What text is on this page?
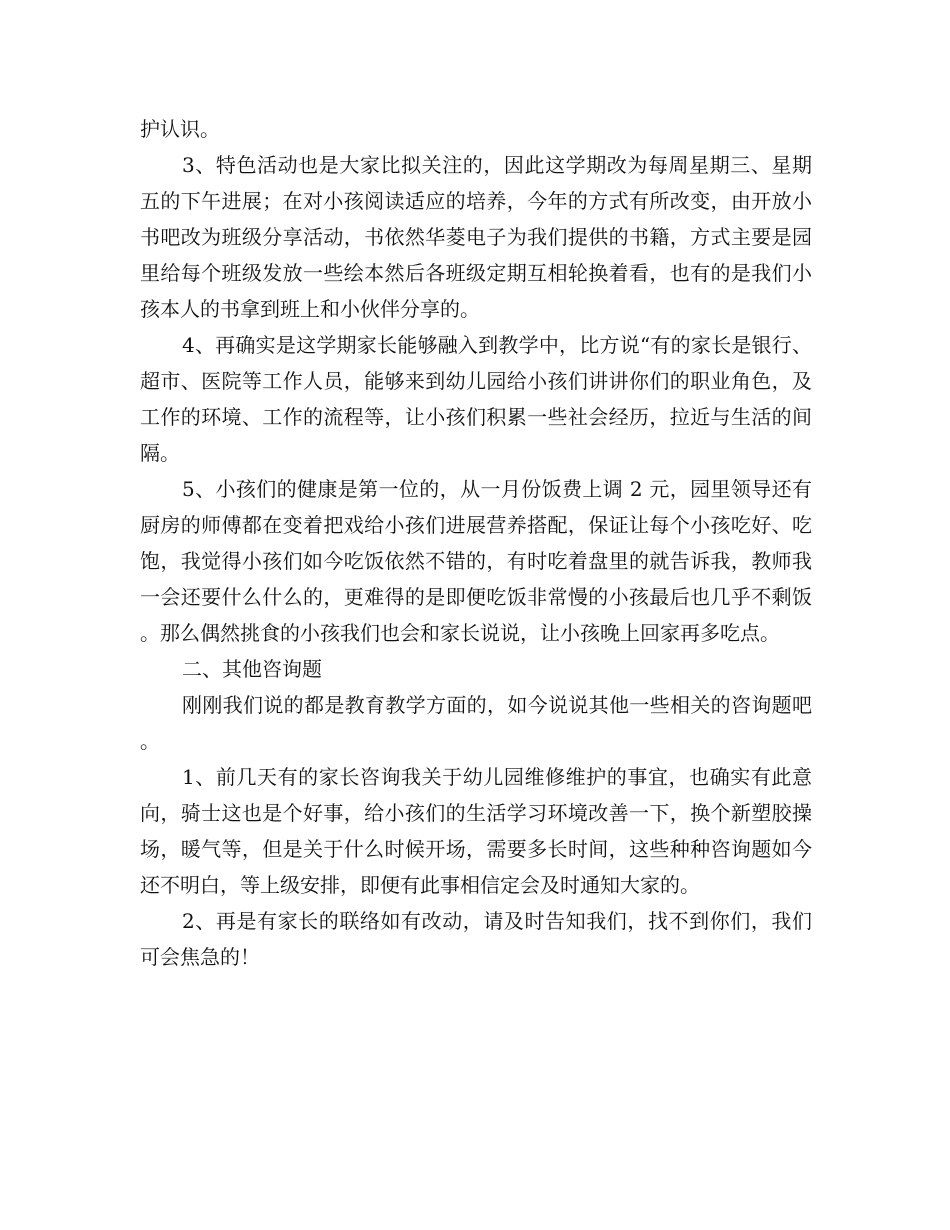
护认识。

3、特色活动也是大家比拟关注的，因此这学期改为每周星期三、星期五的下午进展；在对小孩阅读适应的培养，今年的方式有所改变，由开放小书吧改为班级分享活动，书依然华菱电子为我们提供的书籍，方式主要是园里给每个班级发放一些绘本然后各班级定期互相轮换着看，也有的是我们小孩本人的书拿到班上和小伙伴分享的。

4、再确实是这学期家长能够融入到教学中，比方说“有的家长是银行、超市、医院等工作人员，能够来到幼儿园给小孩们讲讲你们的职业角色，及工作的环境、工作的流程等，让小孩们积累一些社会经历，拉近与生活的间隔。

5、小孩们的健康是第一位的，从一月份饭费上调 2 元，园里领导还有厨房的师傅都在变着把戏给小孩们进展营养搭配，保证让每个小孩吃好、吃饱，我觉得小孩们如今吃饭依然不错的，有时吃着盘里的就告诉我，教师我一会还要什么什么的，更难得的是即便吃饭非常慢的小孩最后也几乎不剩饭。那么偶然挑食的小孩我们也会和家长说说，让小孩晚上回家再多吃点。

二、其他咨询题

刚刚我们说的都是教育教学方面的，如今说说其他一些相关的咨询题吧。

1、前几天有的家长咨询我关于幼儿园维修维护的事宜，也确实有此意向，骑士这也是个好事，给小孩们的生活学习环境改善一下，换个新塑胶操场，暖气等，但是关于什么时候开场，需要多长时间，这些种种咨询题如今还不明白，等上级安排，即便有此事相信定会及时通知大家的。

2、再是有家长的联络如有改动，请及时告知我们，找不到你们，我们可会焦急的！
